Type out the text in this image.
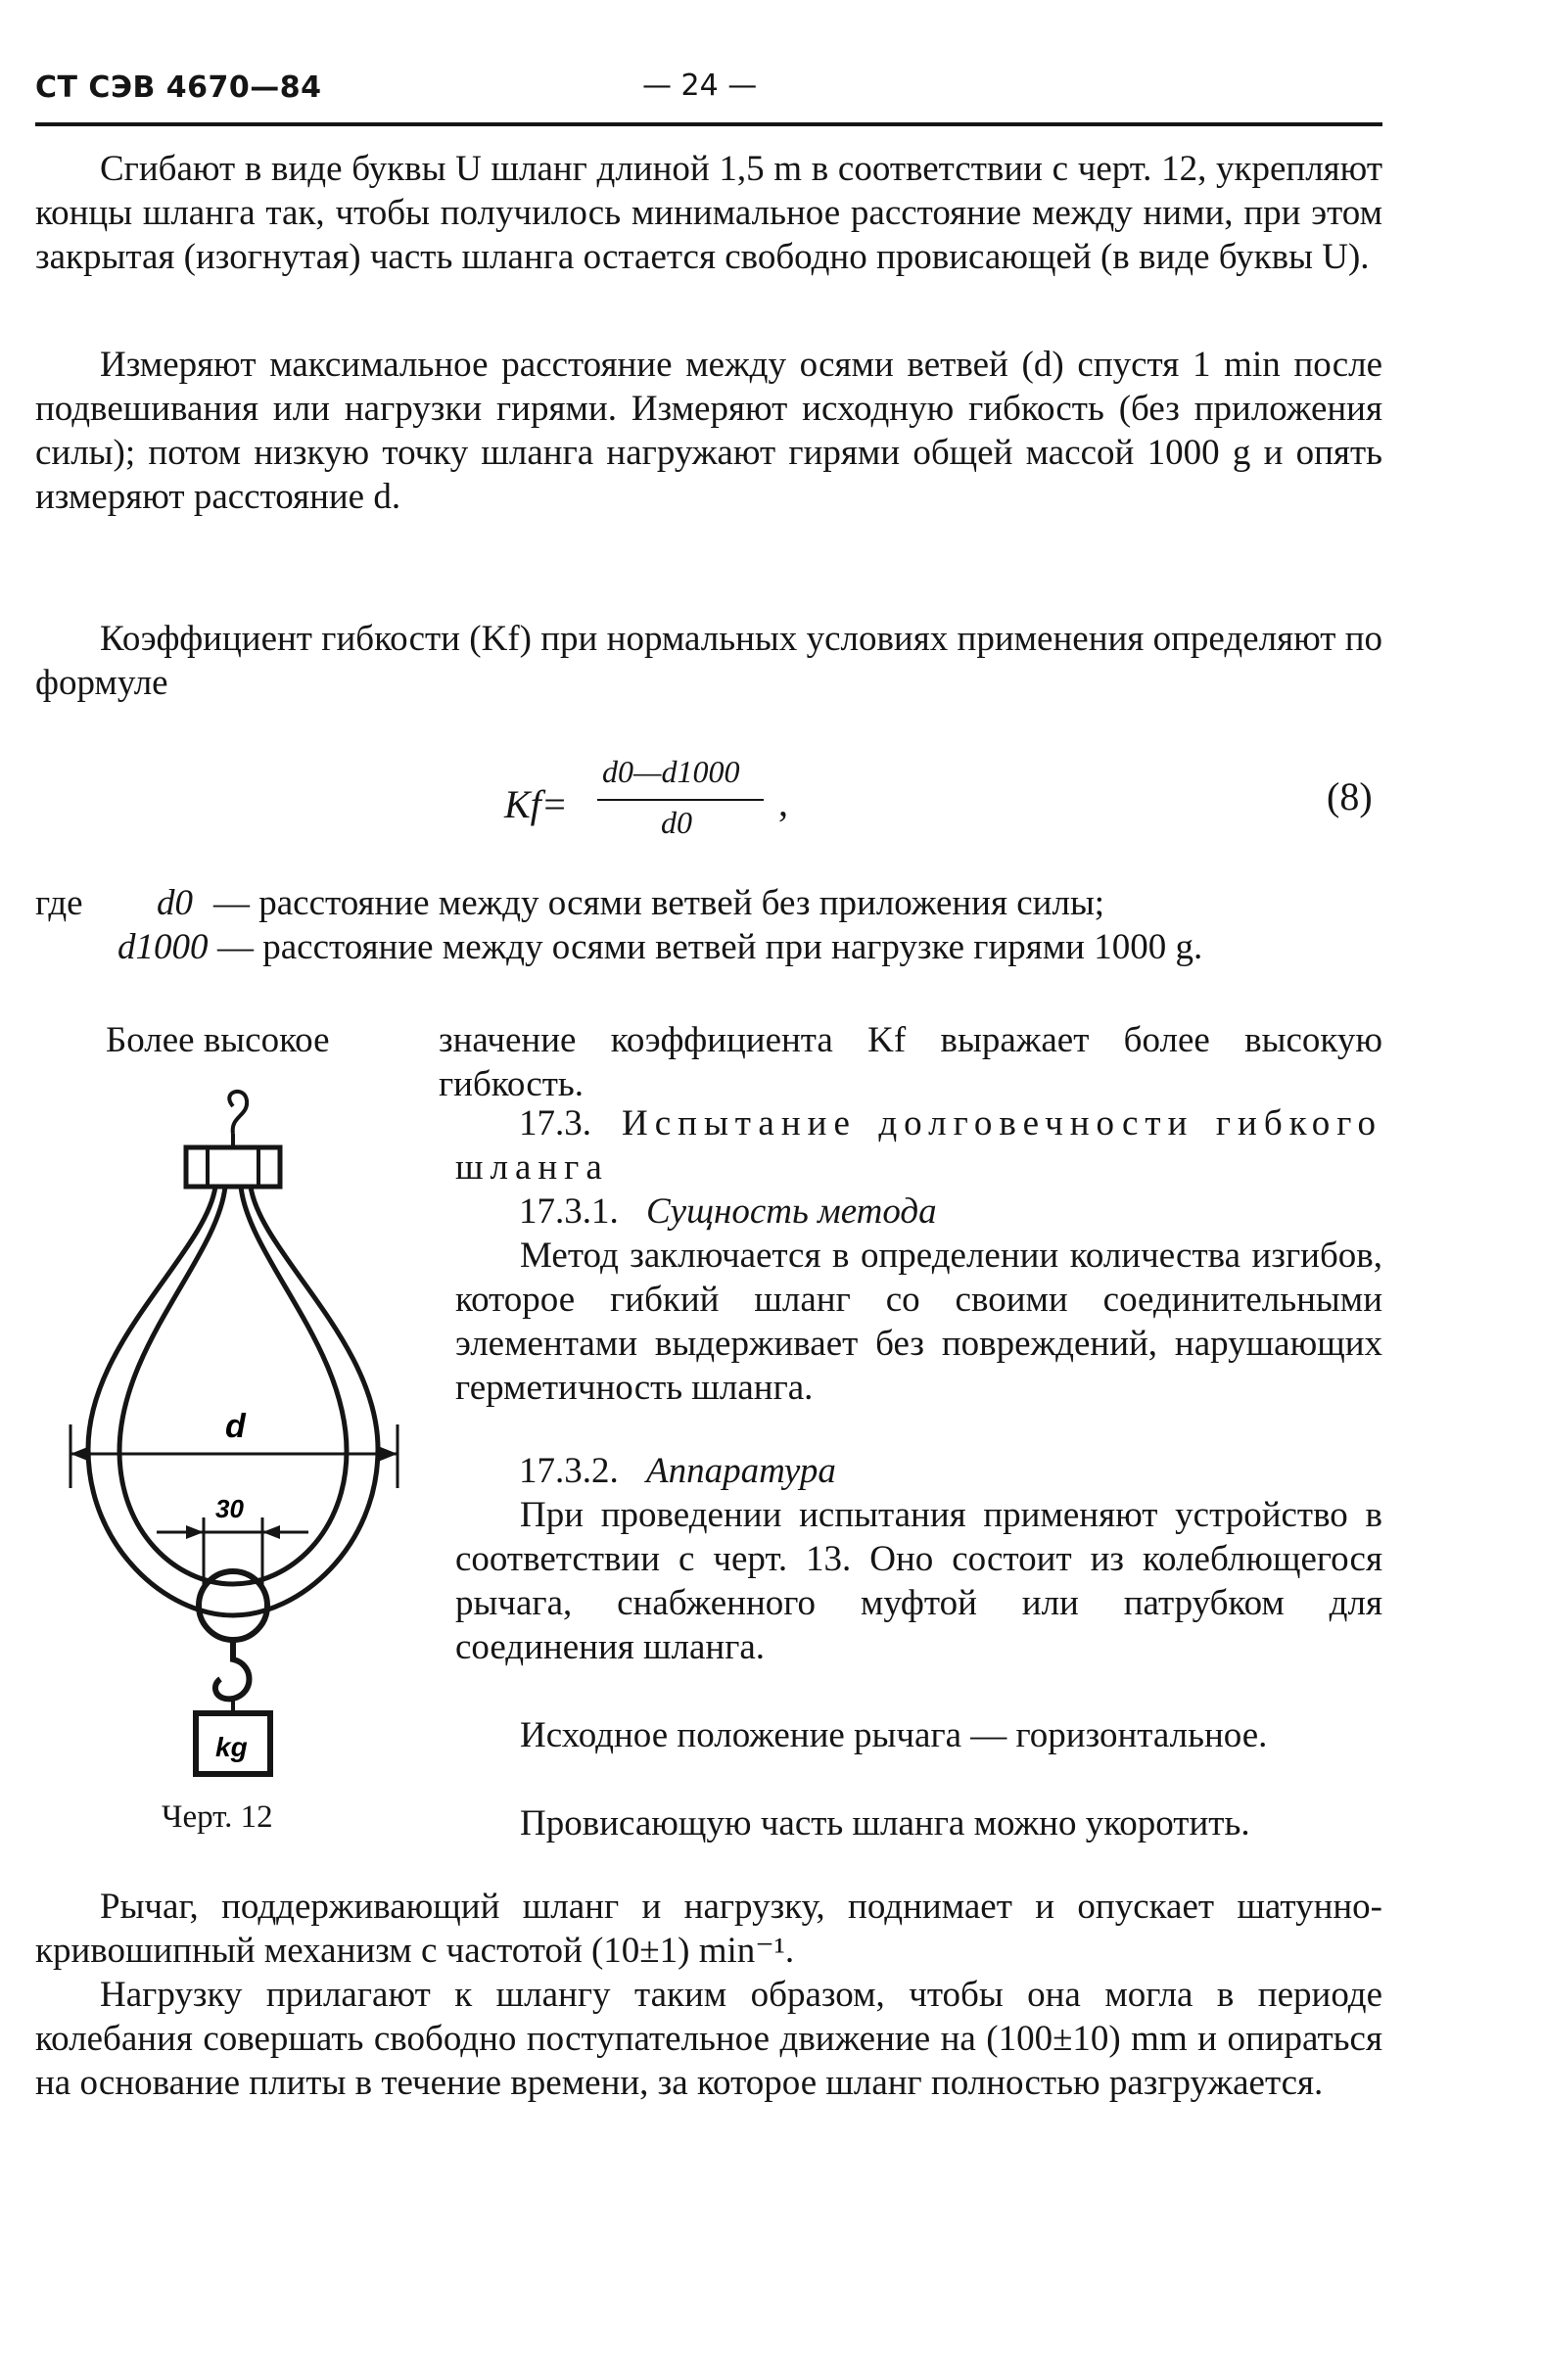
СТ СЭВ 4670—84	— 24 —

Сгибают в виде буквы U шланг длиной 1,5 m в соответствии с черт. 12, укрепляют концы шланга так, чтобы получилось минимальное расстояние между ними, при этом закрытая (изогнутая) часть шланга остается свободно провисающей (в виде буквы U).

Измеряют максимальное расстояние между осями ветвей (d) спустя 1 min после подвешивания или нагрузки гирями. Измеряют исходную гибкость (без приложения силы); потом низкую точку шланга нагружают гирями общей массой 1000 g и опять измеряют расстояние d.

Коэффициент гибкости (Kf) при нормальных условиях применения определяют по формуле

Kf=
d0—d1000
d0 ,	(8)
где d0 — расстояние между осями ветвей без приложения силы;
d1000 — расстояние между осями ветвей при нагрузке гирями 1000 g.
Более высокое	значение коэффициента Kf выражает более высокую гибкость.

17.3. Испытание долговечности гибкого шланга

17.3.1. Сущность метода

Метод заключается в определении количества изгибов, которое гибкий шланг со своими соединительными элементами выдерживает без повреждений, нарушающих герметичность шланга.

17.3.2. Аппаратура

При проведении испытания применяют устройство в соответствии с черт. 13. Оно состоит из колеблющегося рычага, снабженного муфтой или патрубком для соединения шланга.

Исходное положение рычага — горизонтальное.

Провисающую часть шланга можно укоротить.

d
30
kg
Черт. 12

Рычаг, поддерживающий шланг и нагрузку, поднимает и опускает шатунно-кривошипный механизм с частотой (10±1) min⁻¹.

Нагрузку прилагают к шлангу таким образом, чтобы она могла в периоде колебания совершать свободно поступательное движение на (100±10) mm и опираться на основание плиты в течение времени, за которое шланг полностью разгружается.
